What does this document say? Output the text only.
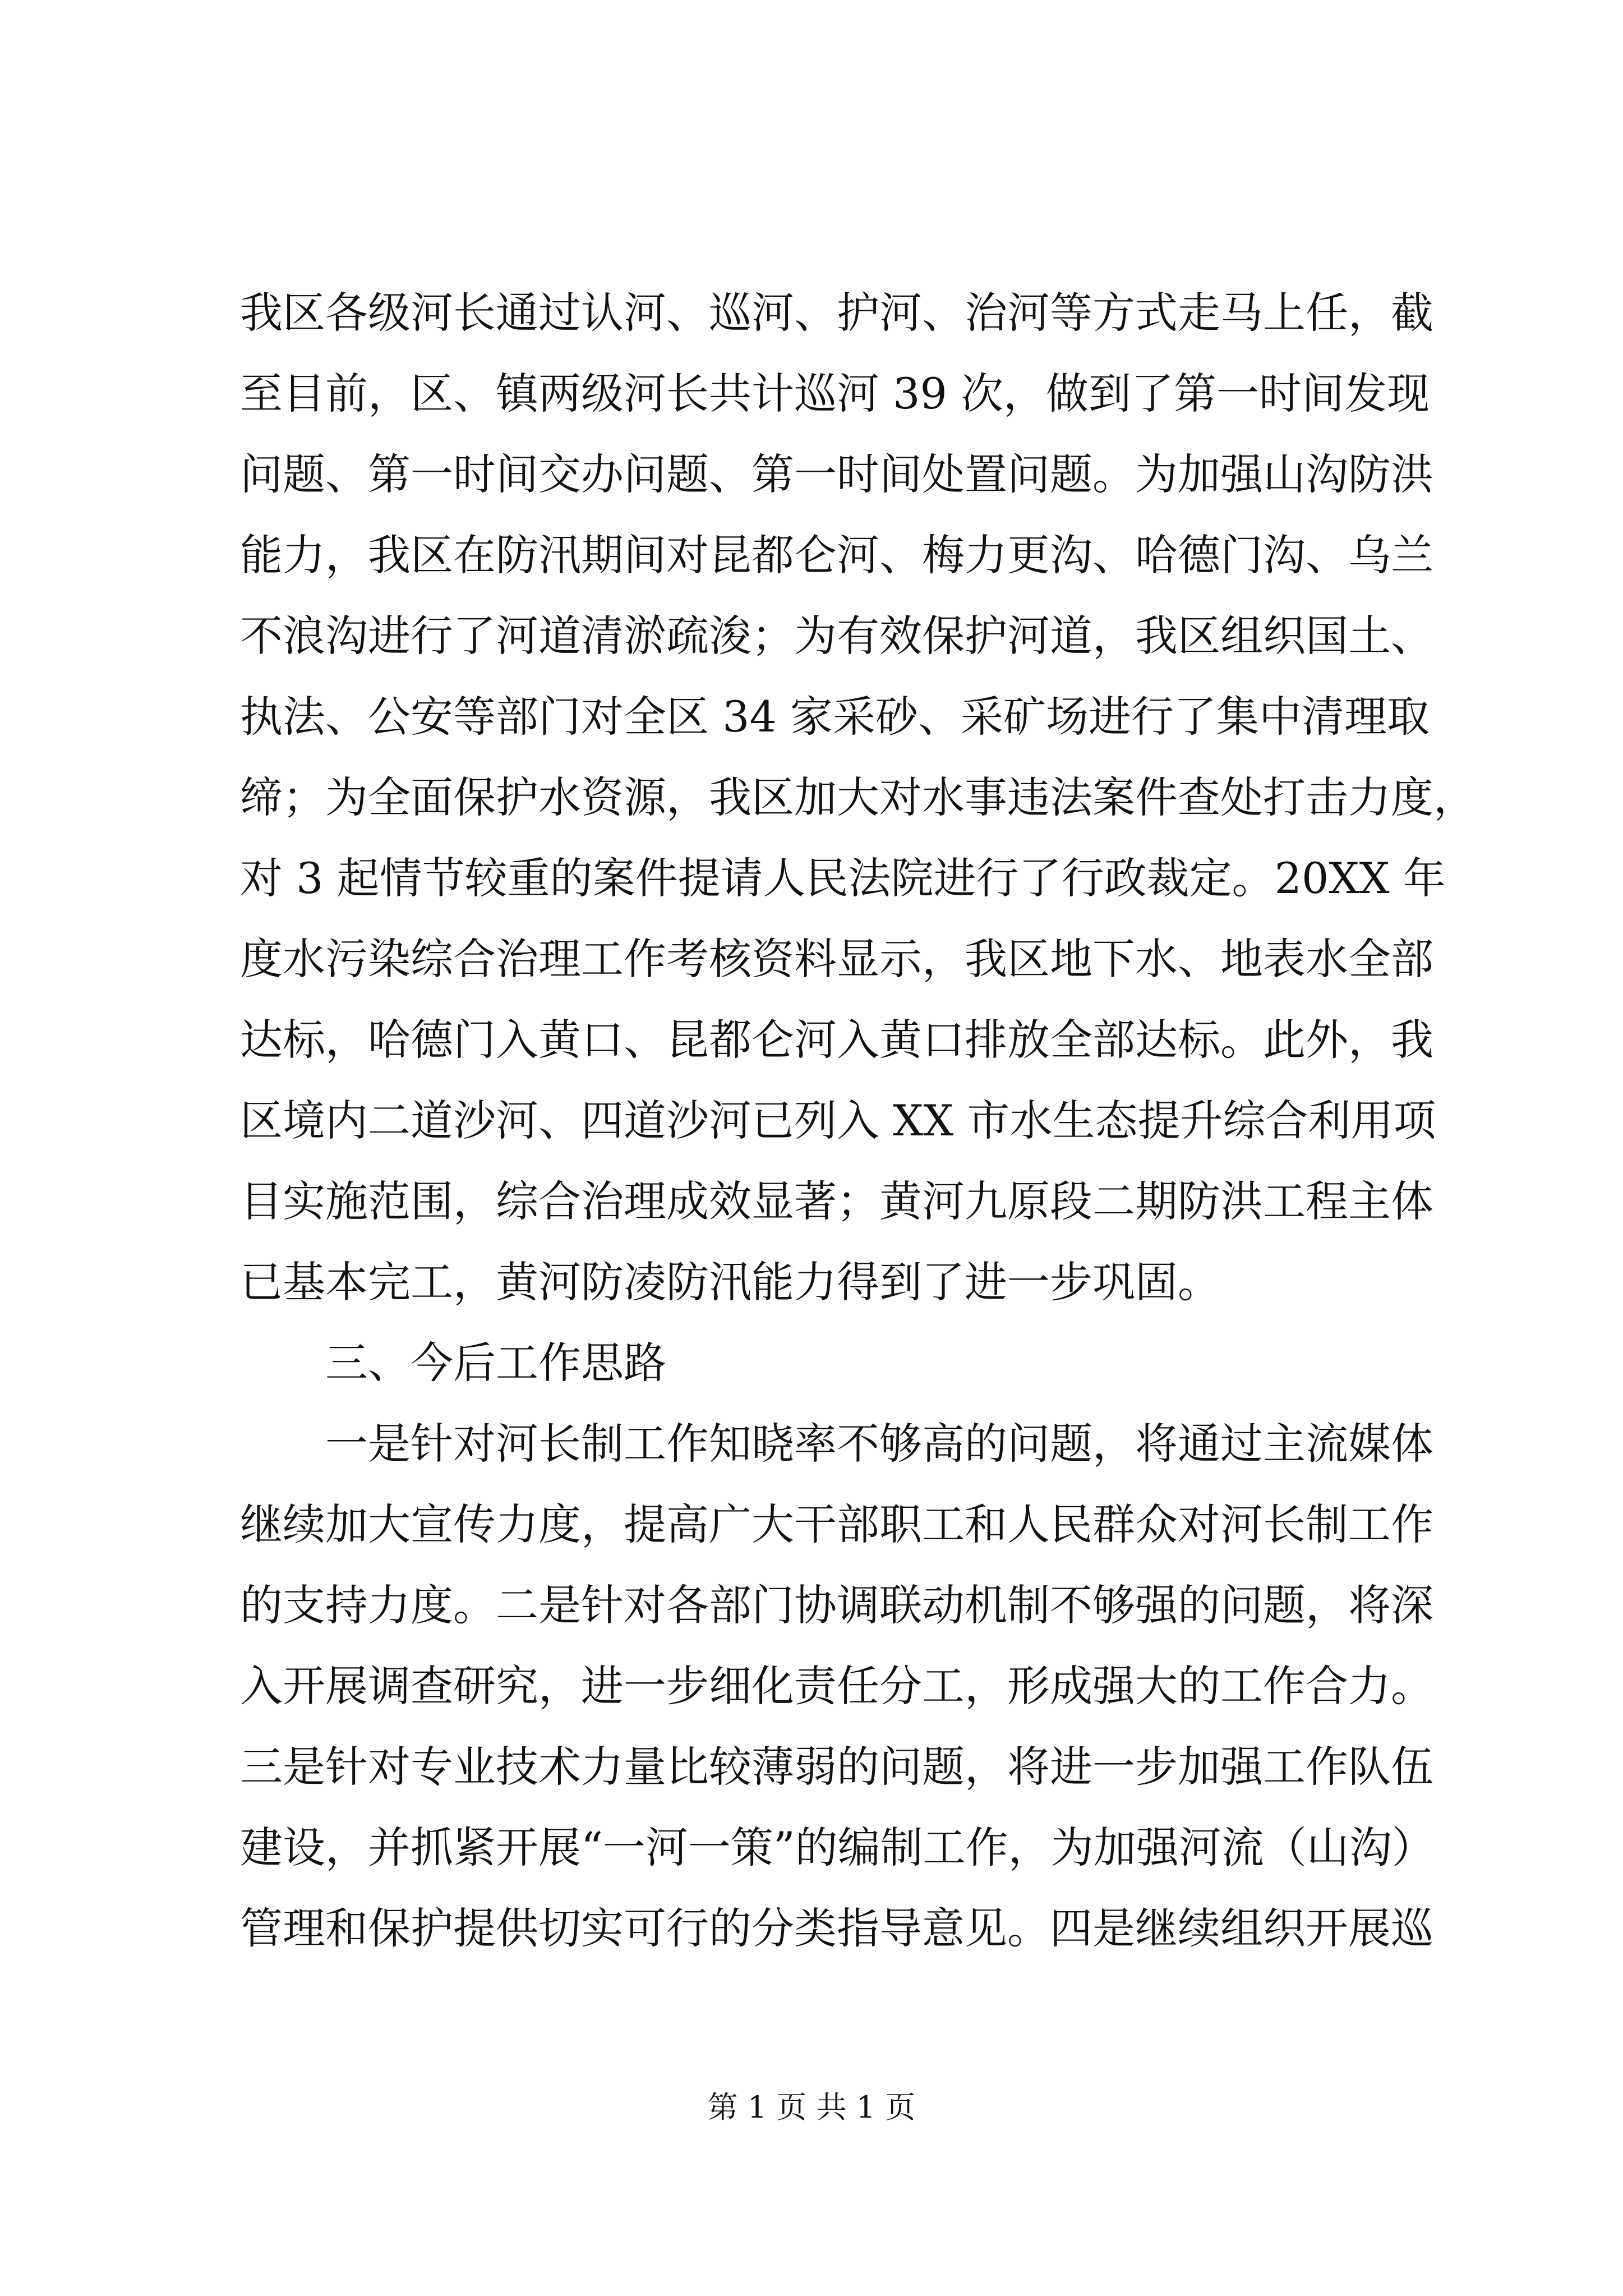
我区各级河长通过认河、巡河、护河、治河等方式走马上任，截
至目前，区、镇两级河长共计巡河 39 次，做到了第一时间发现
问题、第一时间交办问题、第一时间处置问题。为加强山沟防洪
能力，我区在防汛期间对昆都仑河、梅力更沟、哈德门沟、乌兰
不浪沟进行了河道清淤疏浚；为有效保护河道，我区组织国土、
执法、公安等部门对全区 34 家采砂、采矿场进行了集中清理取
缔；为全面保护水资源，我区加大对水事违法案件查处打击力度，
对 3 起情节较重的案件提请人民法院进行了行政裁定。20XX 年
度水污染综合治理工作考核资料显示，我区地下水、地表水全部
达标，哈德门入黄口、昆都仑河入黄口排放全部达标。此外，我
区境内二道沙河、四道沙河已列入 XX 市水生态提升综合利用项
目实施范围，综合治理成效显著；黄河九原段二期防洪工程主体
已基本完工，黄河防凌防汛能力得到了进一步巩固。
三、今后工作思路
一是针对河长制工作知晓率不够高的问题，将通过主流媒体
继续加大宣传力度，提高广大干部职工和人民群众对河长制工作
的支持力度。二是针对各部门协调联动机制不够强的问题，将深
入开展调查研究，进一步细化责任分工，形成强大的工作合力。
三是针对专业技术力量比较薄弱的问题，将进一步加强工作队伍
建设，并抓紧开展“一河一策”的编制工作，为加强河流（山沟）
管理和保护提供切实可行的分类指导意见。四是继续组织开展巡
第 1 页 共 1 页
